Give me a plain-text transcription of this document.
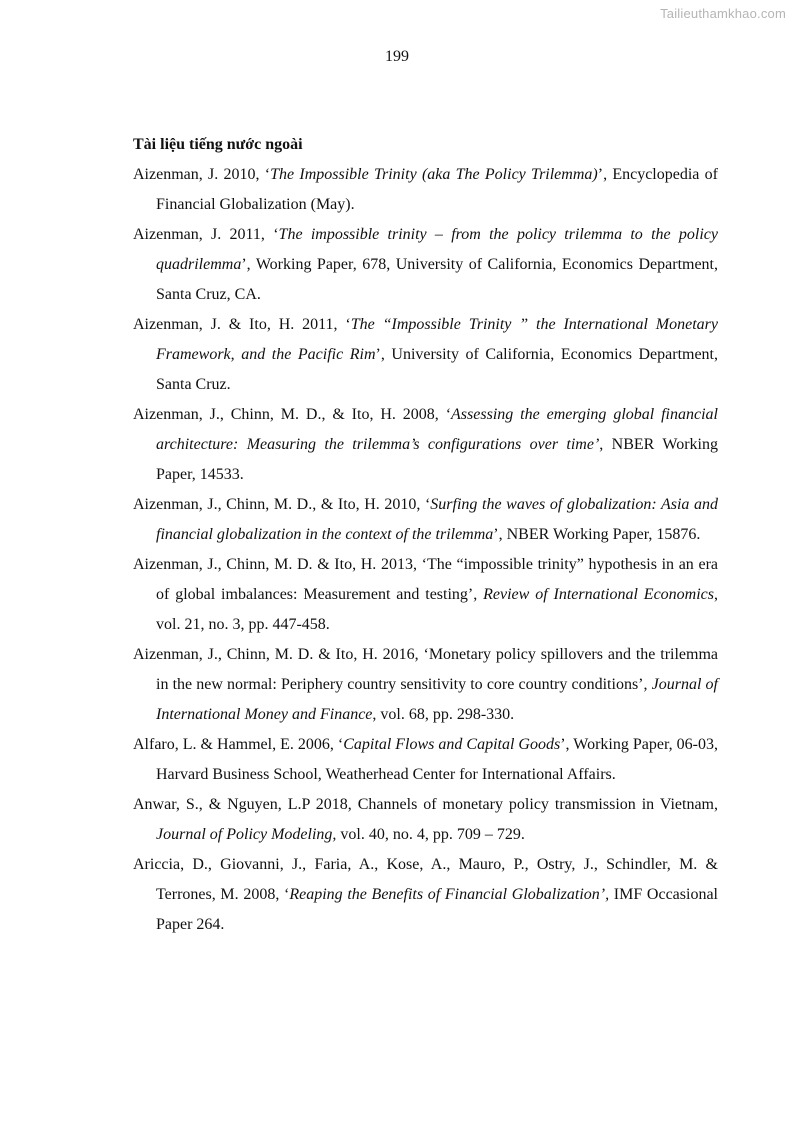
Tailieuthamkhao.com
199

Tài liệu tiếng nước ngoài

Aizenman, J. 2010, ‘The Impossible Trinity (aka The Policy Trilemma)’, Encyclopedia of Financial Globalization (May).
Aizenman, J. 2011, ‘The impossible trinity – from the policy trilemma to the policy quadrilemma’, Working Paper, 678, University of California, Economics Department, Santa Cruz, CA.
Aizenman, J. & Ito, H. 2011, ‘The “Impossible Trinity ” the International Monetary Framework, and the Pacific Rim’, University of California, Economics Department, Santa Cruz.
Aizenman, J., Chinn, M. D., & Ito, H. 2008, ‘Assessing the emerging global financial architecture: Measuring the trilemma’s configurations over time’, NBER Working Paper, 14533.
Aizenman, J., Chinn, M. D., & Ito, H. 2010, ‘Surfing the waves of globalization: Asia and financial globalization in the context of the trilemma’, NBER Working Paper, 15876.
Aizenman, J., Chinn, M. D. & Ito, H. 2013, ‘The “impossible trinity” hypothesis in an era of global imbalances: Measurement and testing’, Review of International Economics, vol. 21, no. 3, pp. 447-458.
Aizenman, J., Chinn, M. D. & Ito, H. 2016, ‘Monetary policy spillovers and the trilemma in the new normal: Periphery country sensitivity to core country conditions’, Journal of International Money and Finance, vol. 68, pp. 298-330.
Alfaro, L. & Hammel, E. 2006, ‘Capital Flows and Capital Goods’, Working Paper, 06-03, Harvard Business School, Weatherhead Center for International Affairs.
Anwar, S., & Nguyen, L.P 2018, Channels of monetary policy transmission in Vietnam, Journal of Policy Modeling, vol. 40, no. 4, pp. 709 – 729.
Ariccia, D., Giovanni, J., Faria, A., Kose, A., Mauro, P., Ostry, J., Schindler, M. & Terrones, M. 2008, ‘Reaping the Benefits of Financial Globalization’, IMF Occasional Paper 264.
